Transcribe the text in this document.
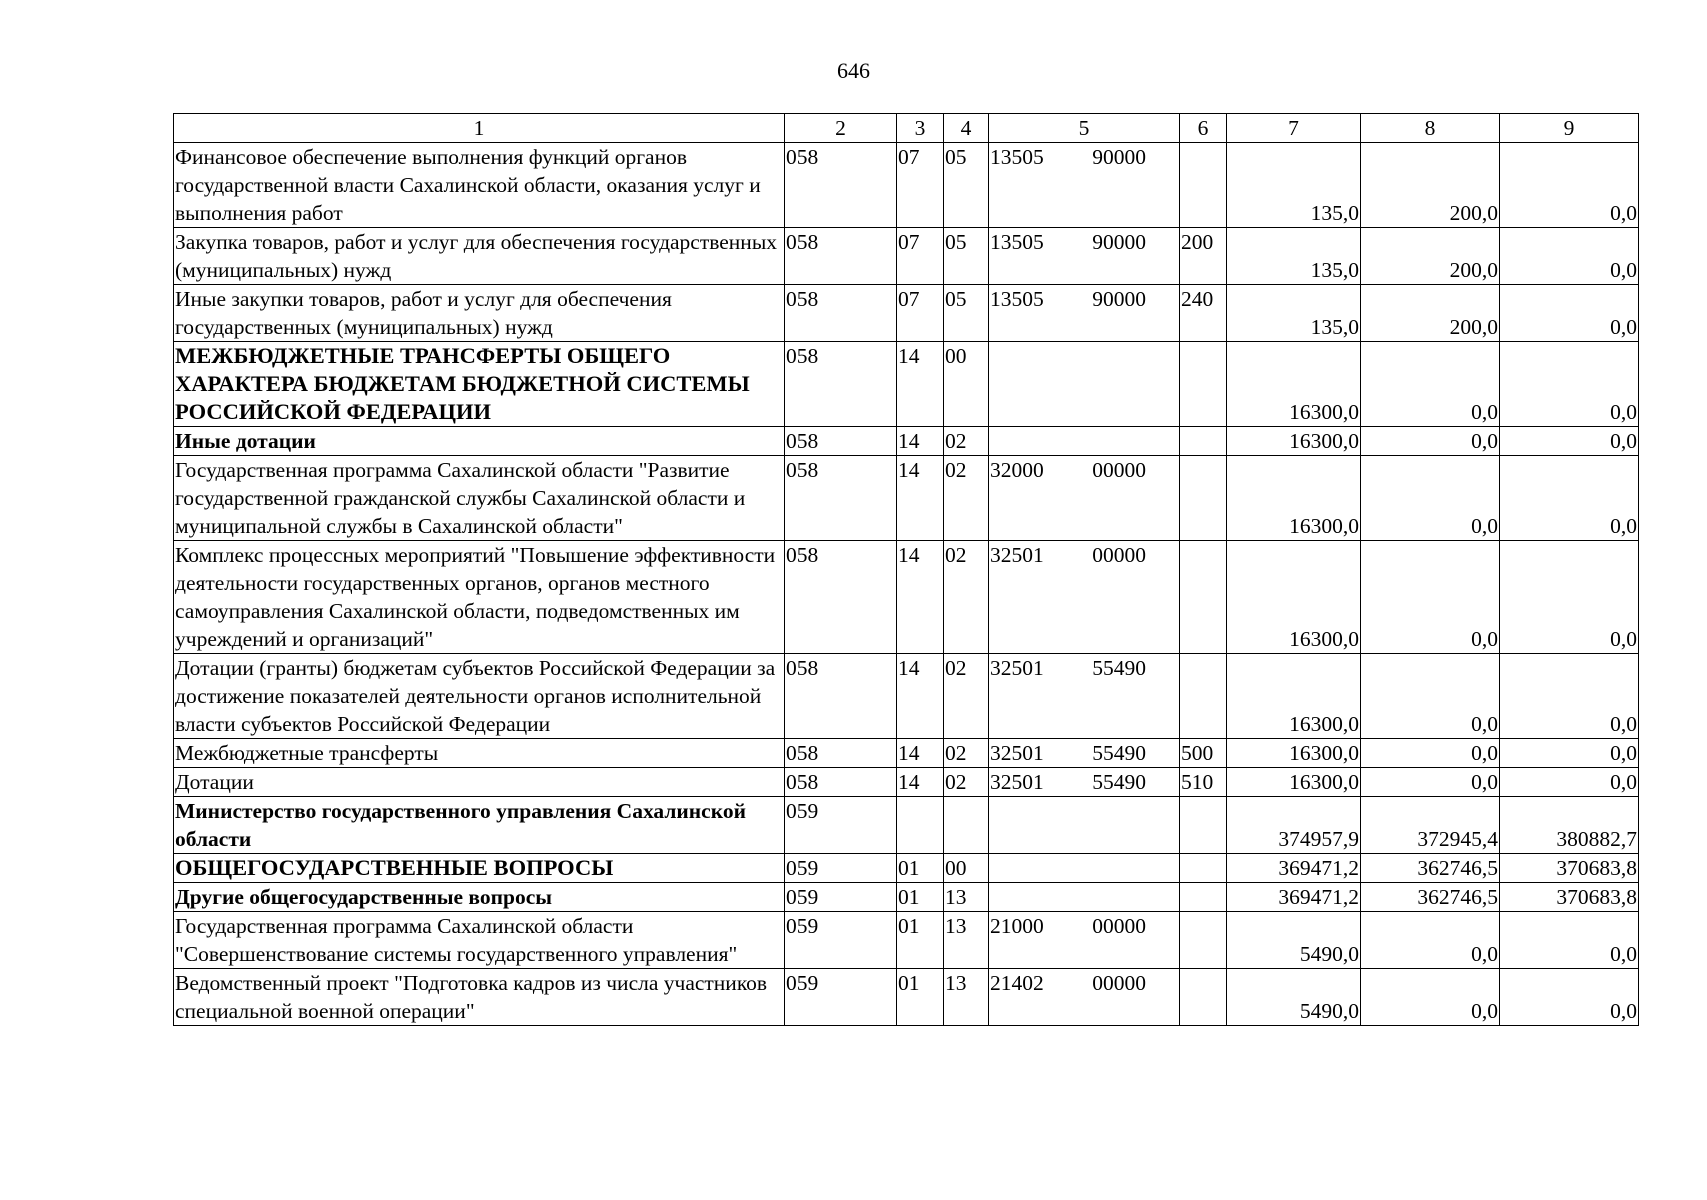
646
1	2	3	4	5	6	7	8	9
Финансовое обеспечение выполнения функций органов государственной власти Сахалинской области, оказания услуг и выполнения работ	058	07	05	13505 90000		135,0	200,0	0,0
Закупка товаров, работ и услуг для обеспечения государственных (муниципальных) нужд	058	07	05	13505 90000	200	135,0	200,0	0,0
Иные закупки товаров, работ и услуг для обеспечения государственных (муниципальных) нужд	058	07	05	13505 90000	240	135,0	200,0	0,0
МЕЖБЮДЖЕТНЫЕ ТРАНСФЕРТЫ ОБЩЕГО ХАРАКТЕРА БЮДЖЕТАМ БЮДЖЕТНОЙ СИСТЕМЫ РОССИЙСКОЙ ФЕДЕРАЦИИ	058	14	00			16300,0	0,0	0,0
Иные дотации	058	14	02			16300,0	0,0	0,0
Государственная программа Сахалинской области "Развитие государственной гражданской службы Сахалинской области и муниципальной службы в Сахалинской области"	058	14	02	32000 00000		16300,0	0,0	0,0
Комплекс процессных мероприятий "Повышение эффективности деятельности государственных органов, органов местного самоуправления Сахалинской области, подведомственных им учреждений и организаций"	058	14	02	32501 00000		16300,0	0,0	0,0
Дотации (гранты) бюджетам субъектов Российской Федерации за достижение показателей деятельности органов исполнительной власти субъектов Российской Федерации	058	14	02	32501 55490		16300,0	0,0	0,0
Межбюджетные трансферты	058	14	02	32501 55490	500	16300,0	0,0	0,0
Дотации	058	14	02	32501 55490	510	16300,0	0,0	0,0
Министерство государственного управления Сахалинской области	059					374957,9	372945,4	380882,7
ОБЩЕГОСУДАРСТВЕННЫЕ ВОПРОСЫ	059	01	00			369471,2	362746,5	370683,8
Другие общегосударственные вопросы	059	01	13			369471,2	362746,5	370683,8
Государственная программа Сахалинской области "Совершенствование системы государственного управления"	059	01	13	21000 00000		5490,0	0,0	0,0
Ведомственный проект "Подготовка кадров из числа участников специальной военной операции"	059	01	13	21402 00000		5490,0	0,0	0,0
